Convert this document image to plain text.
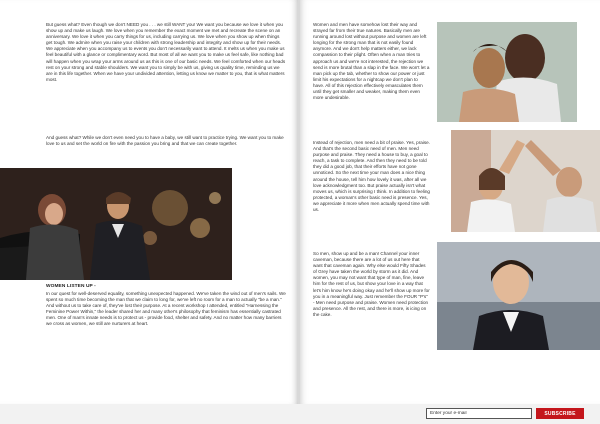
But guess what? Even though we don't NEED you . . . we still WANT you! We want you because we love it when you show up and make us laugh. We love when you remember the exact moment we met and recreate the scene on an anniversary. We love it when you carry things for us, including carrying us. We love when you show up when things get tough. We admire when you raise your children with strong leadership and integrity and show up for their needs. We appreciate when you accompany us to events you don't necessarily want to attend. It melts us when you make us feel beautiful with a glance or complimentary word. But most of all we want you to make us feel safe, like nothing bad will happen when you wrap your arms around us as this is one of our basic needs. We feel comforted when our heads rest on your strong and stable shoulders. We want you to simply be with us, giving us quality time, reminding us we are in this life together. When we have your undivided attention, letting us know we matter to you, that is what matters most.

And guess what? While we don't even need you to have a baby, we still want to practice trying. We want you to make love to us and set the world on fire with the passion you bring and that we can create together.

WOMEN LISTEN UP -

In our quest for well-deserved equality, something unexpected happened. We've taken the wind out of men's sails. We spent so much time becoming the man that we claim to long for, we've left no room for a man to actually "be a man." And without us to take care of, they've lost their purpose. At a recent workshop I attended, entitled "Harnessing the Feminine Power Within," the leader shared her and many other's philosophy that feminism has essentially castrated men. One of man's innate needs is to protect us - provide food, shelter and safety. And no matter how many barriers we cross as women, we still are nurturers at heart.

Women and men have somehow lost their way and strayed far from their true natures. Basically men are running around lost without purpose and women are left longing for the strong man that is not easily found anymore. And we don't help matters either, we lack compassion to their plight. Often when a man tries to approach us and we're not interested, the rejection we send is more brutal than a slap in the face. We won't let a man pick up the tab, whether to show our power or just limit his expectations for a nightcap we don't plan to have. All of this rejection effectively emasculates them until they get smaller and weaker, making them even more undesirable.

Instead of rejection, men need a bit of praise. Yes, praise. And that's the second basic need of men. Men need purpose and praise. They need a house to buy, a goal to reach, a task to complete. And then they need to be told they did a good job, that their efforts have not gone unnoticed. So the next time your man does a nice thing around the house, tell him how lovely it was, after all we love acknowledgment too. But praise actually isn't what moves us, which is surprising I think. In addition to feeling protected, a woman's other basic need is presence. Yes, we appreciate it more when men actually spend time with us.

So men, show up and be a man! Channel your inner caveman, because there are a lot of us out here that want that caveman again. Why else would Fifty Shades of Grey have taken the world by storm as it did. And women, you may not want that type of man, fine, leave him for the rest of us, but show your love in a way that let's him know he's doing okay and he'll show up more for you in a meaningful way. Just remember the FOUR "P's" - Men need purpose and praise. Women need protection and presence. All the rest, and there is more, is icing on the cake.

Enter your e-mail
SUBSCRIBE
